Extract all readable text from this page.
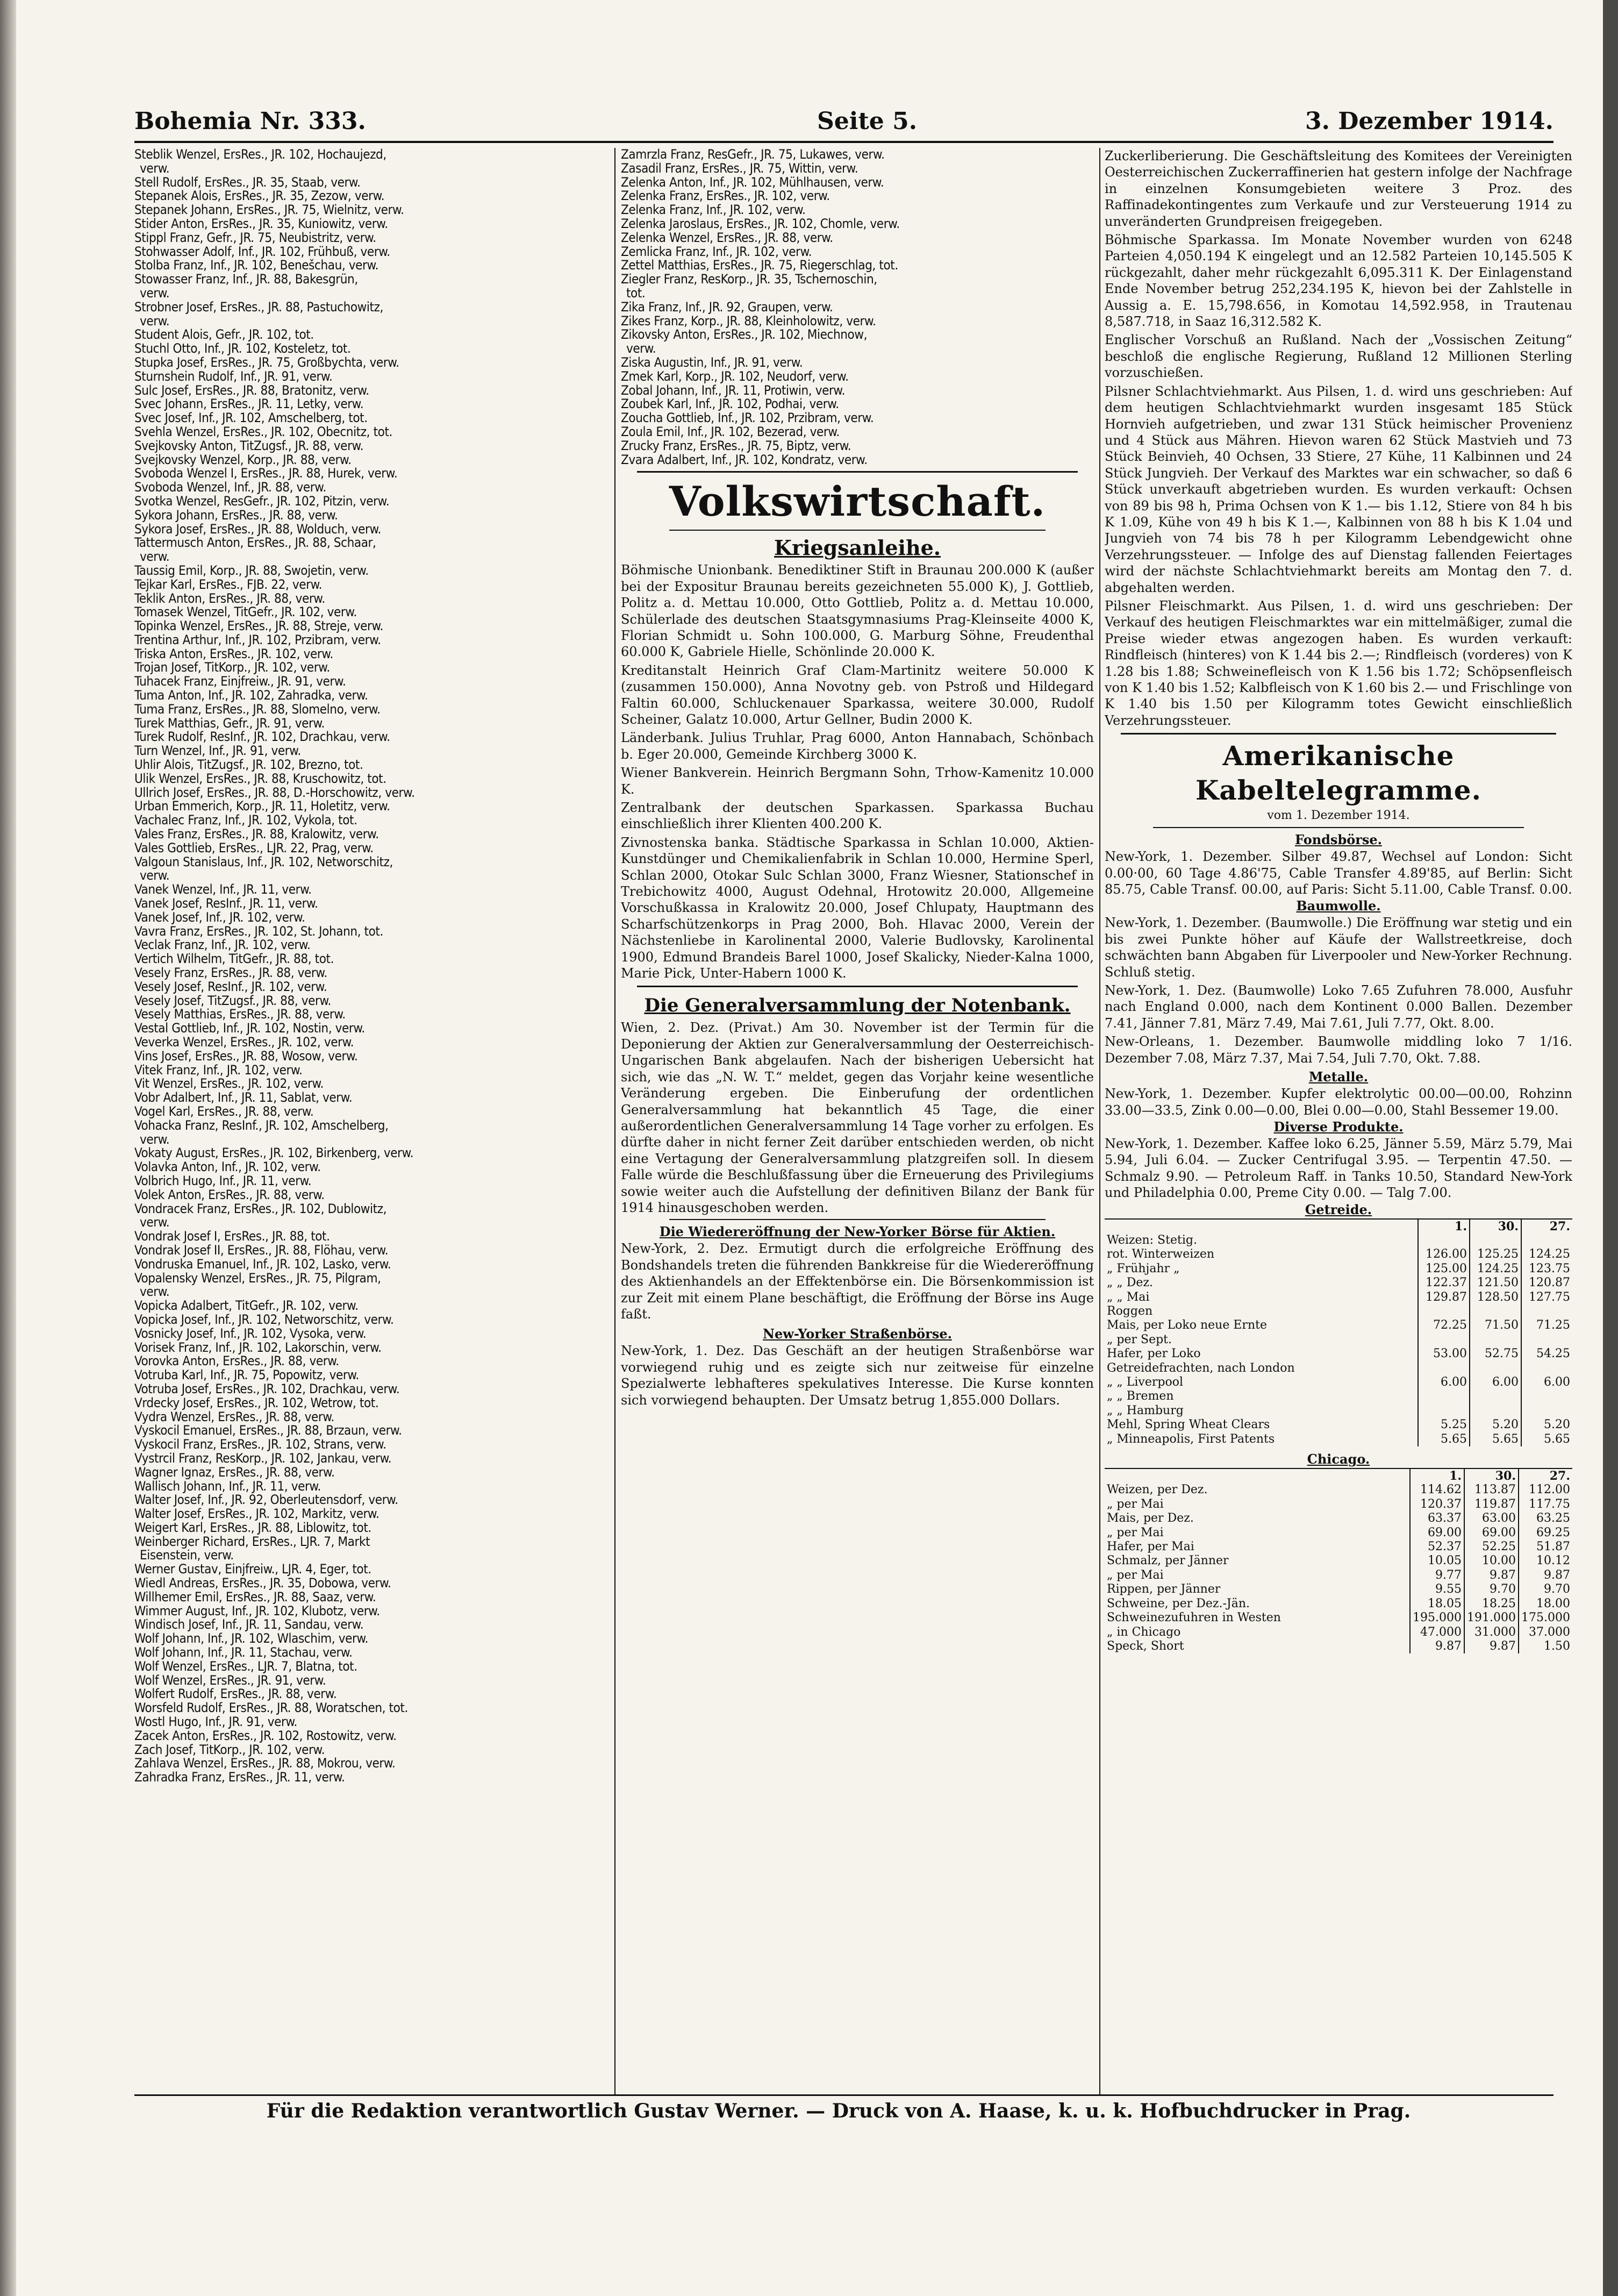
Bohemia Nr. 333.	Seite 5.	3. Dezember 1914.
Steblik Wenzel, ErsRes., JR. 102, Hochaujezd,
verw.
Stell Rudolf, ErsRes., JR. 35, Staab, verw.
Stepanek Alois, ErsRes., JR. 35, Zezow, verw.
Stepanek Johann, ErsRes., JR. 75, Wielnitz, verw.
Stider Anton, ErsRes., JR. 35, Kuniowitz, verw.
Stippl Franz, Gefr., JR. 75, Neubistritz, verw.
Stohwasser Adolf, Inf., JR. 102, Frühbuß, verw.
Stolba Franz, Inf., JR. 102, Benešchau, verw.
Stowasser Franz, Inf., JR. 88, Bakesgrün,
verw.
Strobner Josef, ErsRes., JR. 88, Pastuchowitz,
verw.
Student Alois, Gefr., JR. 102, tot.
Stuchl Otto, Inf., JR. 102, Kosteletz, tot.
Stupka Josef, ErsRes., JR. 75, Großbychta, verw.
Sturnshein Rudolf, Inf., JR. 91, verw.
Sulc Josef, ErsRes., JR. 88, Bratonitz, verw.
Svec Johann, ErsRes., JR. 11, Letky, verw.
Svec Josef, Inf., JR. 102, Amschelberg, tot.
Svehla Wenzel, ErsRes., JR. 102, Obecnitz, tot.
Svejkovsky Anton, TitZugsf., JR. 88, verw.
Svejkovsky Wenzel, Korp., JR. 88, verw.
Svoboda Wenzel I, ErsRes., JR. 88, Hurek, verw.
Svoboda Wenzel, Inf., JR. 88, verw.
Svotka Wenzel, ResGefr., JR. 102, Pitzin, verw.
Sykora Johann, ErsRes., JR. 88, verw.
Sykora Josef, ErsRes., JR. 88, Wolduch, verw.
Tattermusch Anton, ErsRes., JR. 88, Schaar,
verw.
Taussig Emil, Korp., JR. 88, Swojetin, verw.
Tejkar Karl, ErsRes., FJB. 22, verw.
Teklik Anton, ErsRes., JR. 88, verw.
Tomasek Wenzel, TitGefr., JR. 102, verw.
Topinka Wenzel, ErsRes., JR. 88, Streje, verw.
Trentina Arthur, Inf., JR. 102, Przibram, verw.
Triska Anton, ErsRes., JR. 102, verw.
Trojan Josef, TitKorp., JR. 102, verw.
Tuhacek Franz, Einjfreiw., JR. 91, verw.
Tuma Anton, Inf., JR. 102, Zahradka, verw.
Tuma Franz, ErsRes., JR. 88, Slomelno, verw.
Turek Matthias, Gefr., JR. 91, verw.
Turek Rudolf, ResInf., JR. 102, Drachkau, verw.
Turn Wenzel, Inf., JR. 91, verw.
Uhlir Alois, TitZugsf., JR. 102, Brezno, tot.
Ulik Wenzel, ErsRes., JR. 88, Kruschowitz, tot.
Ullrich Josef, ErsRes., JR. 88, D.-Horschowitz, verw.
Urban Emmerich, Korp., JR. 11, Holetitz, verw.
Vachalec Franz, Inf., JR. 102, Vykola, tot.
Vales Franz, ErsRes., JR. 88, Kralowitz, verw.
Vales Gottlieb, ErsRes., LJR. 22, Prag, verw.
Valgoun Stanislaus, Inf., JR. 102, Networschitz,
verw.
Vanek Wenzel, Inf., JR. 11, verw.
Vanek Josef, ResInf., JR. 11, verw.
Vanek Josef, Inf., JR. 102, verw.
Vavra Franz, ErsRes., JR. 102, St. Johann, tot.
Veclak Franz, Inf., JR. 102, verw.
Vertich Wilhelm, TitGefr., JR. 88, tot.
Vesely Franz, ErsRes., JR. 88, verw.
Vesely Josef, ResInf., JR. 102, verw.
Vesely Josef, TitZugsf., JR. 88, verw.
Vesely Matthias, ErsRes., JR. 88, verw.
Vestal Gottlieb, Inf., JR. 102, Nostin, verw.
Veverka Wenzel, ErsRes., JR. 102, verw.
Vins Josef, ErsRes., JR. 88, Wosow, verw.
Vitek Franz, Inf., JR. 102, verw.
Vit Wenzel, ErsRes., JR. 102, verw.
Vobr Adalbert, Inf., JR. 11, Sablat, verw.
Vogel Karl, ErsRes., JR. 88, verw.
Vohacka Franz, ResInf., JR. 102, Amschelberg,
verw.
Vokaty August, ErsRes., JR. 102, Birkenberg, verw.
Volavka Anton, Inf., JR. 102, verw.
Volbrich Hugo, Inf., JR. 11, verw.
Volek Anton, ErsRes., JR. 88, verw.
Vondracek Franz, ErsRes., JR. 102, Dublowitz,
verw.
Vondrak Josef I, ErsRes., JR. 88, tot.
Vondrak Josef II, ErsRes., JR. 88, Flöhau, verw.
Vondruska Emanuel, Inf., JR. 102, Lasko, verw.
Vopalensky Wenzel, ErsRes., JR. 75, Pilgram,
verw.
Vopicka Adalbert, TitGefr., JR. 102, verw.
Vopicka Josef, Inf., JR. 102, Networschitz, verw.
Vosnicky Josef, Inf., JR. 102, Vysoka, verw.
Vorisek Franz, Inf., JR. 102, Lakorschin, verw.
Vorovka Anton, ErsRes., JR. 88, verw.
Votruba Karl, Inf., JR. 75, Popowitz, verw.
Votruba Josef, ErsRes., JR. 102, Drachkau, verw.
Vrdecky Josef, ErsRes., JR. 102, Wetrow, tot.
Vydra Wenzel, ErsRes., JR. 88, verw.
Vyskocil Emanuel, ErsRes., JR. 88, Brzaun, verw.
Vyskocil Franz, ErsRes., JR. 102, Strans, verw.
Vystrcil Franz, ResKorp., JR. 102, Jankau, verw.
Wagner Ignaz, ErsRes., JR. 88, verw.
Wallisch Johann, Inf., JR. 11, verw.
Walter Josef, Inf., JR. 92, Oberleutensdorf, verw.
Walter Josef, ErsRes., JR. 102, Markitz, verw.
Weigert Karl, ErsRes., JR. 88, Liblowitz, tot.
Weinberger Richard, ErsRes., LJR. 7, Markt
Eisenstein, verw.
Werner Gustav, Einjfreiw., LJR. 4, Eger, tot.
Wiedl Andreas, ErsRes., JR. 35, Dobowa, verw.
Willhemer Emil, ErsRes., JR. 88, Saaz, verw.
Wimmer August, Inf., JR. 102, Klubotz, verw.
Windisch Josef, Inf., JR. 11, Sandau, verw.
Wolf Johann, Inf., JR. 102, Wlaschim, verw.
Wolf Johann, Inf., JR. 11, Stachau, verw.
Wolf Wenzel, ErsRes., LJR. 7, Blatna, tot.
Wolf Wenzel, ErsRes., JR. 91, verw.
Wolfert Rudolf, ErsRes., JR. 88, verw.
Worsfeld Rudolf, ErsRes., JR. 88, Woratschen, tot.
Wostl Hugo, Inf., JR. 91, verw.
Zacek Anton, ErsRes., JR. 102, Rostowitz, verw.
Zach Josef, TitKorp., JR. 102, verw.
Zahlava Wenzel, ErsRes., JR. 88, Mokrou, verw.
Zahradka Franz, ErsRes., JR. 11, verw.
Zamrzla Franz, ResGefr., JR. 75, Lukawes, verw.
Zasadil Franz, ErsRes., JR. 75, Wittin, verw.
Zelenka Anton, Inf., JR. 102, Mühlhausen, verw.
Zelenka Franz, ErsRes., JR. 102, verw.
Zelenka Franz, Inf., JR. 102, verw.
Zelenka Jaroslaus, ErsRes., JR. 102, Chomle, verw.
Zelenka Wenzel, ErsRes., JR. 88, verw.
Zemlicka Franz, Inf., JR. 102, verw.
Zettel Matthias, ErsRes., JR. 75, Riegerschlag, tot.
Ziegler Franz, ResKorp., JR. 35, Tschernoschin,
tot.
Zika Franz, Inf., JR. 92, Graupen, verw.
Zikes Franz, Korp., JR. 88, Kleinholowitz, verw.
Zikovsky Anton, ErsRes., JR. 102, Miechnow,
verw.
Ziska Augustin, Inf., JR. 91, verw.
Zmek Karl, Korp., JR. 102, Neudorf, verw.
Zobal Johann, Inf., JR. 11, Protiwin, verw.
Zoubek Karl, Inf., JR. 102, Podhai, verw.
Zoucha Gottlieb, Inf., JR. 102, Przibram, verw.
Zoula Emil, Inf., JR. 102, Bezerad, verw.
Zrucky Franz, ErsRes., JR. 75, Biptz, verw.
Zvara Adalbert, Inf., JR. 102, Kondratz, verw.
Volkswirtschaft.
Kriegsanleihe.

Böhmische Unionbank. Benediktiner Stift in Braunau 200.000 K (außer bei der Expositur Braunau bereits gezeichneten 55.000 K), J. Gottlieb, Politz a. d. Mettau 10.000, Otto Gottlieb, Politz a. d. Mettau 10.000, Schülerlade des deutschen Staatsgymnasiums Prag-Kleinseite 4000 K, Florian Schmidt u. Sohn 100.000, G. Marburg Söhne, Freudenthal 60.000 K, Gabriele Hielle, Schönlinde 20.000 K.

Kreditanstalt Heinrich Graf Clam-Martinitz weitere 50.000 K (zusammen 150.000), Anna Novotny geb. von Pstroß und Hildegard Faltin 60.000, Schluckenauer Sparkassa, weitere 30.000, Rudolf Scheiner, Galatz 10.000, Artur Gellner, Budin 2000 K.

Länderbank. Julius Truhlar, Prag 6000, Anton Hannabach, Schönbach b. Eger 20.000, Gemeinde Kirchberg 3000 K.

Wiener Bankverein. Heinrich Bergmann Sohn, Trhow-Kamenitz 10.000 K.

Zentralbank der deutschen Sparkassen. Sparkassa Buchau einschließlich ihrer Klienten 400.200 K.

Zivnostenska banka. Städtische Sparkassa in Schlan 10.000, Aktien-Kunstdünger und Chemikalienfabrik in Schlan 10.000, Hermine Sperl, Schlan 2000, Otokar Sulc Schlan 3000, Franz Wiesner, Stationschef in Trebichowitz 4000, August Odehnal, Hrotowitz 20.000, Allgemeine Vorschußkassa in Kralowitz 20.000, Josef Chlupaty, Hauptmann des Scharfschützenkorps in Prag 2000, Boh. Hlavac 2000, Verein der Nächstenliebe in Karolinental 2000, Valerie Budlovsky, Karolinental 1900, Edmund Brandeis Barel 1000, Josef Skalicky, Nieder-Kalna 1000, Marie Pick, Unter-Habern 1000 K.

Die Generalversammlung der Notenbank.

Wien, 2. Dez. (Privat.) Am 30. November ist der Termin für die Deponierung der Aktien zur Generalversammlung der Oesterreichisch-Ungarischen Bank abgelaufen. Nach der bisherigen Uebersicht hat sich, wie das „N. W. T.“ meldet, gegen das Vorjahr keine wesentliche Veränderung ergeben. Die Einberufung der ordentlichen Generalversammlung hat bekanntlich 45 Tage, die einer außerordentlichen Generalversammlung 14 Tage vorher zu erfolgen. Es dürfte daher in nicht ferner Zeit darüber entschieden werden, ob nicht eine Vertagung der Generalversammlung platzgreifen soll. In diesem Falle würde die Beschlußfassung über die Erneuerung des Privilegiums sowie weiter auch die Aufstellung der definitiven Bilanz der Bank für 1914 hinausgeschoben werden.

Die Wiedereröffnung der New-Yorker Börse für Aktien.

New-York, 2. Dez. Ermutigt durch die erfolgreiche Eröffnung des Bondshandels treten die führenden Bankkreise für die Wiedereröffnung des Aktienhandels an der Effektenbörse ein. Die Börsenkommission ist zur Zeit mit einem Plane beschäftigt, die Eröffnung der Börse ins Auge faßt.

New-Yorker Straßenbörse.

New-York, 1. Dez. Das Geschäft an der heutigen Straßenbörse war vorwiegend ruhig und es zeigte sich nur zeitweise für einzelne Spezialwerte lebhafteres spekulatives Interesse. Die Kurse konnten sich vorwiegend behaupten. Der Umsatz betrug 1,855.000 Dollars.

Zuckerliberierung. Die Geschäftsleitung des Komitees der Vereinigten Oesterreichischen Zuckerraffinerien hat gestern infolge der Nachfrage in einzelnen Konsumgebieten weitere 3 Proz. des Raffinadekontingentes zum Verkaufe und zur Versteuerung 1914 zu unveränderten Grundpreisen freigegeben.

Böhmische Sparkassa. Im Monate November wurden von 6248 Parteien 4,050.194 K eingelegt und an 12.582 Parteien 10,145.505 K rückgezahlt, daher mehr rückgezahlt 6,095.311 K. Der Einlagenstand Ende November betrug 252,234.195 K, hievon bei der Zahlstelle in Aussig a. E. 15,798.656, in Komotau 14,592.958, in Trautenau 8,587.718, in Saaz 16,312.582 K.

Englischer Vorschuß an Rußland. Nach der „Vossischen Zeitung“ beschloß die englische Regierung, Rußland 12 Millionen Sterling vorzuschießen.

Pilsner Schlachtviehmarkt. Aus Pilsen, 1. d. wird uns geschrieben: Auf dem heutigen Schlachtviehmarkt wurden insgesamt 185 Stück Hornvieh aufgetrieben, und zwar 131 Stück heimischer Provenienz und 4 Stück aus Mähren. Hievon waren 62 Stück Mastvieh und 73 Stück Beinvieh, 40 Ochsen, 33 Stiere, 27 Kühe, 11 Kalbinnen und 24 Stück Jungvieh. Der Verkauf des Marktes war ein schwacher, so daß 6 Stück unverkauft abgetrieben wurden. Es wurden verkauft: Ochsen von 89 bis 98 h, Prima Ochsen von K 1.— bis 1.12, Stiere von 84 h bis K 1.09, Kühe von 49 h bis K 1.—, Kalbinnen von 88 h bis K 1.04 und Jungvieh von 74 bis 78 h per Kilogramm Lebendgewicht ohne Verzehrungssteuer. — Infolge des auf Dienstag fallenden Feiertages wird der nächste Schlachtviehmarkt bereits am Montag den 7. d. abgehalten werden.

Pilsner Fleischmarkt. Aus Pilsen, 1. d. wird uns geschrieben: Der Verkauf des heutigen Fleischmarktes war ein mittelmäßiger, zumal die Preise wieder etwas angezogen haben. Es wurden verkauft: Rindfleisch (hinteres) von K 1.44 bis 2.—; Rindfleisch (vorderes) von K 1.28 bis 1.88; Schweinefleisch von K 1.56 bis 1.72; Schöpsenfleisch von K 1.40 bis 1.52; Kalbfleisch von K 1.60 bis 2.— und Frischlinge von K 1.40 bis 1.50 per Kilogramm totes Gewicht einschließlich Verzehrungssteuer.

Amerikanische Kabeltelegramme.
vom 1. Dezember 1914.
Fondsbörse.

New-York, 1. Dezember. Silber 49.87, Wechsel auf London: Sicht 0.00·00, 60 Tage 4.86'75, Cable Transfer 4.89'85, auf Berlin: Sicht 85.75, Cable Transf. 00.00, auf Paris: Sicht 5.11.00, Cable Transf. 0.00.

Baumwolle.

New-York, 1. Dezember. (Baumwolle.) Die Eröffnung war stetig und ein bis zwei Punkte höher auf Käufe der Wallstreetkreise, doch schwächten bann Abgaben für Liverpooler und New-Yorker Rechnung. Schluß stetig.

New-York, 1. Dez. (Baumwolle) Loko 7.65 Zufuhren 78.000, Ausfuhr nach England 0.000, nach dem Kontinent 0.000 Ballen. Dezember 7.41, Jänner 7.81, März 7.49, Mai 7.61, Juli 7.77, Okt. 8.00.

New-Orleans, 1. Dezember. Baumwolle middling loko 7 1/16. Dezember 7.08, März 7.37, Mai 7.54, Juli 7.70, Okt. 7.88.

Metalle.

New-York, 1. Dezember. Kupfer elektrolytic 00.00—00.00, Rohzinn 33.00—33.5, Zink 0.00—0.00, Blei 0.00—0.00, Stahl Bessemer 19.00.

Diverse Produkte.

New-York, 1. Dezember. Kaffee loko 6.25, Jänner 5.59, März 5.79, Mai 5.94, Juli 6.04. — Zucker Centrifugal 3.95. — Terpentin 47.50. — Schmalz 9.90. — Petroleum Raff. in Tanks 10.50, Standard New-York und Philadelphia 0.00, Preme City 0.00. — Talg 7.00.

Getreide.
	1.	30.	27.
Weizen: Stetig.			
rot. Winterweizen	126.00	125.25	124.25
„ Frühjahr „	125.00	124.25	123.75
„ „ Dez.	122.37	121.50	120.87
„ „ Mai	129.87	128.50	127.75
Roggen			
Mais, per Loko neue Ernte	72.25	71.50	71.25
„ per Sept.			
Hafer, per Loko	53.00	52.75	54.25
Getreidefrachten, nach London			
„ „ Liverpool	6.00	6.00	6.00
„ „ Bremen			
„ „ Hamburg			
Mehl, Spring Wheat Clears	5.25	5.20	5.20
„ Minneapolis, First Patents	5.65	5.65	5.65
Chicago.
	1.	30.	27.
Weizen, per Dez.	114.62	113.87	112.00
„ per Mai	120.37	119.87	117.75
Mais, per Dez.	63.37	63.00	63.25
„ per Mai	69.00	69.00	69.25
Hafer, per Mai	52.37	52.25	51.87
Schmalz, per Jänner	10.05	10.00	10.12
„ per Mai	9.77	9.87	9.87
Rippen, per Jänner	9.55	9.70	9.70
Schweine, per Dez.-Jän.	18.05	18.25	18.00
Schweinezufuhren in Westen	195.000	191.000	175.000
„ in Chicago	47.000	31.000	37.000
Speck, Short	9.87	9.87	1.50
Für die Redaktion verantwortlich Gustav Werner. — Druck von A. Haase, k. u. k. Hofbuchdrucker in Prag.
